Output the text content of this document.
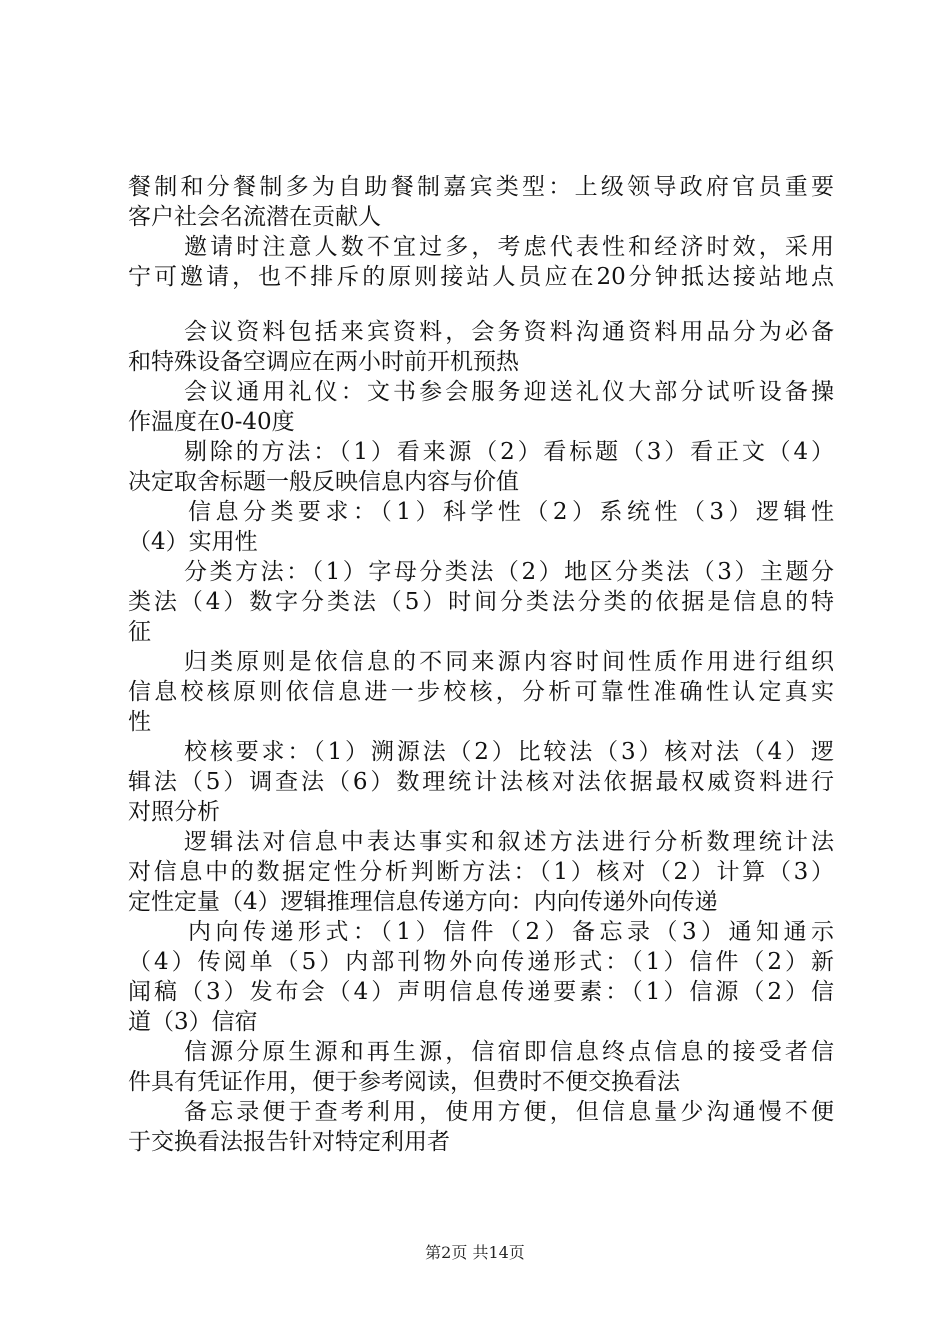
餐制和分餐制多为自助餐制嘉宾类型：上级领导政府官员重要
客户社会名流潜在贡献人
邀请时注意人数不宜过多，考虑代表性和经济时效，采用
宁可邀请，也不排斥的原则接站人员应在20分钟抵达接站地点
会议资料包括来宾资料，会务资料沟通资料用品分为必备
和特殊设备空调应在两小时前开机预热
会议通用礼仪：文书参会服务迎送礼仪大部分试听设备操
作温度在0-40度
剔除的方法：（1）看来源（2）看标题（3）看正文（4）
决定取舍标题一般反映信息内容与价值
信息分类要求：（1）科学性（2）系统性（3）逻辑性
（4）实用性
分类方法：（1）字母分类法（2）地区分类法（3）主题分
类法（4）数字分类法（5）时间分类法分类的依据是信息的特
征
归类原则是依信息的不同来源内容时间性质作用进行组织
信息校核原则依信息进一步校核，分析可靠性准确性认定真实
性
校核要求：（1）溯源法（2）比较法（3）核对法（4）逻
辑法（5）调查法（6）数理统计法核对法依据最权威资料进行
对照分析
逻辑法对信息中表达事实和叙述方法进行分析数理统计法
对信息中的数据定性分析判断方法：（1）核对（2）计算（3）
定性定量（4）逻辑推理信息传递方向：内向传递外向传递
内向传递形式：（1）信件（2）备忘录（3）通知通示
（4）传阅单（5）内部刊物外向传递形式：（1）信件（2）新
闻稿（3）发布会（4）声明信息传递要素：（1）信源（2）信
道（3）信宿
信源分原生源和再生源，信宿即信息终点信息的接受者信
件具有凭证作用，便于参考阅读，但费时不便交换看法
备忘录便于查考利用，使用方便，但信息量少沟通慢不便
于交换看法报告针对特定利用者
第2页 共14页
